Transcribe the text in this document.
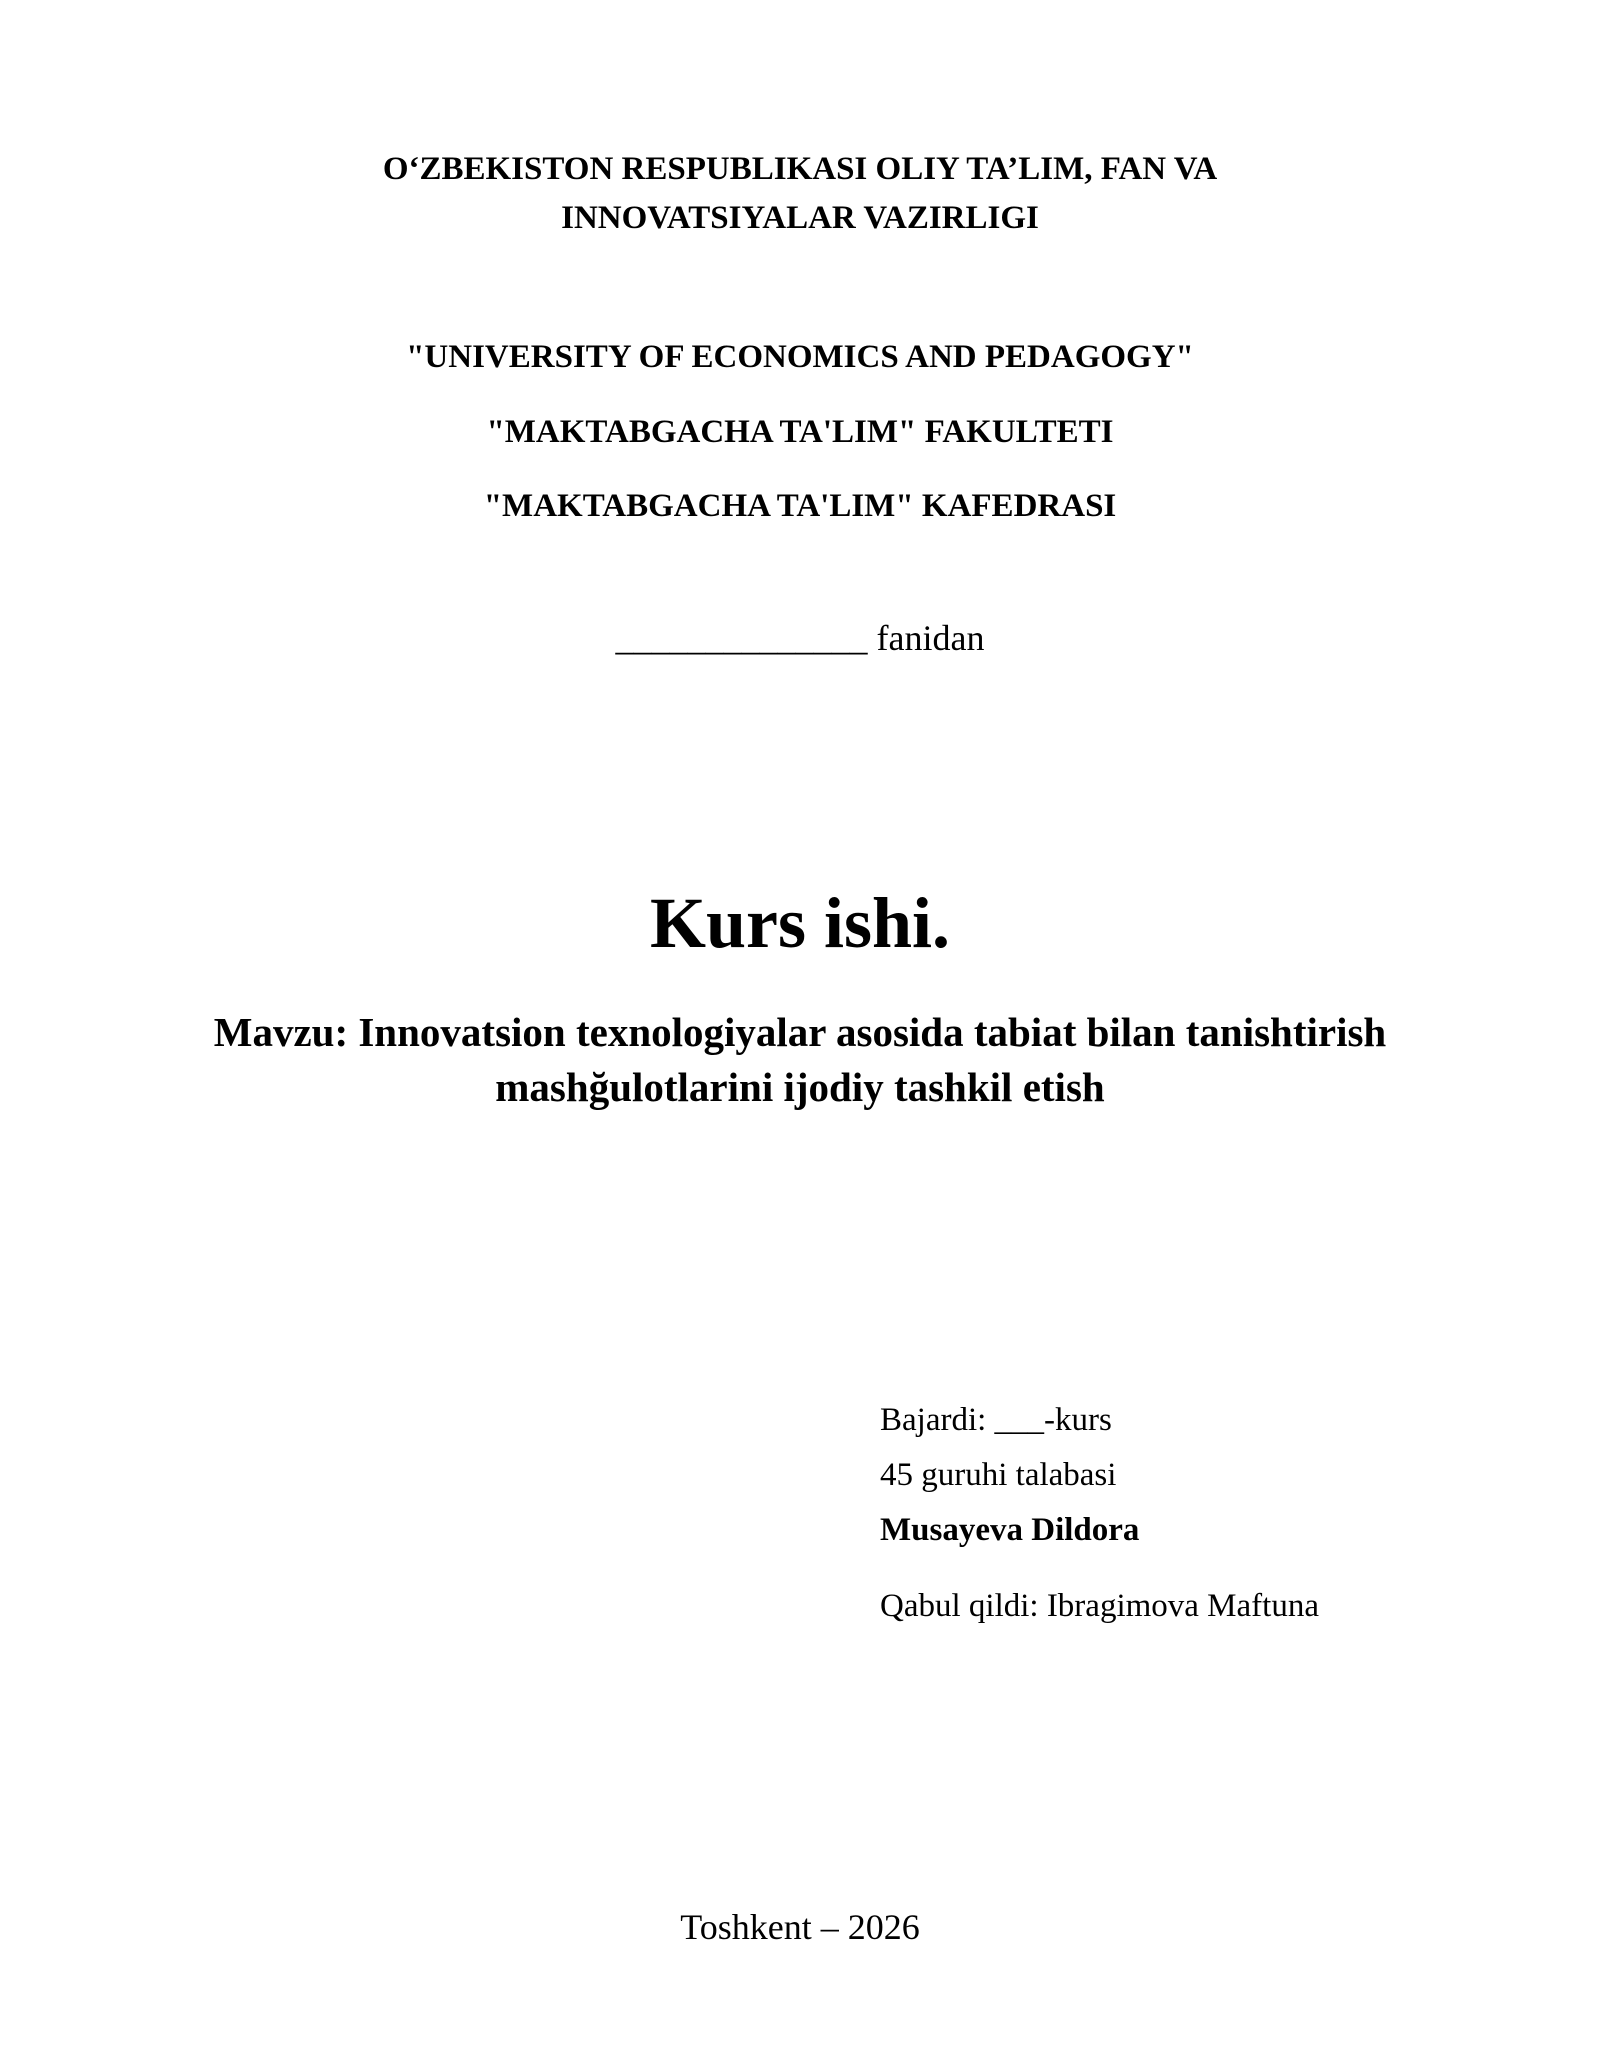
O‘ZBEKISTON RESPUBLIKASI OLIY TA’LIM, FAN VA
INNOVATSIYALAR VAZIRLIGI
"UNIVERSITY OF ECONOMICS AND PEDAGOGY"
"MAKTABGACHA TA'LIM" FAKULTETI
"MAKTABGACHA TA'LIM" KAFEDRASI
______________ fanidan
Kurs ishi.
Mavzu: Innovatsion texnologiyalar asosida tabiat bilan tanishtirish
mashğulotlarini ijodiy tashkil etish
Bajardi: ___-kurs
45 guruhi talabasi
Musayeva Dildora
Qabul qildi: Ibragimova Maftuna
Toshkent – 2026
